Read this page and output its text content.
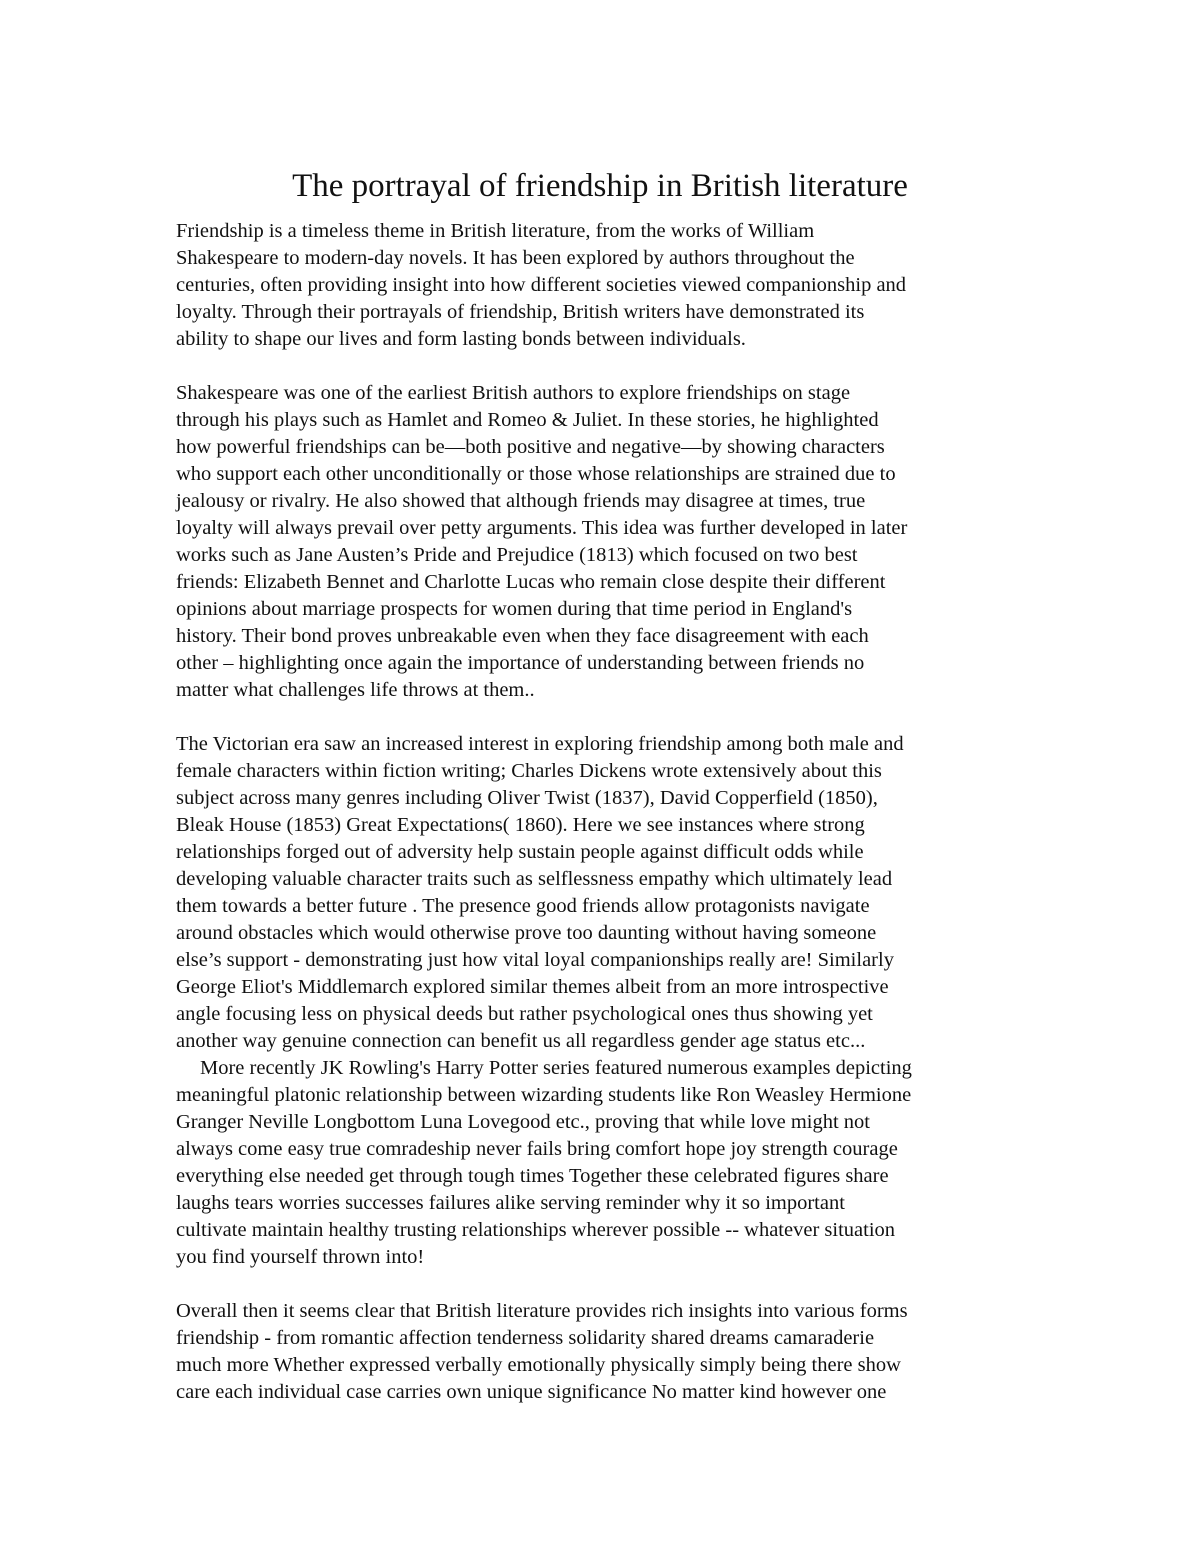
The portrayal of friendship in British literature
Friendship is a timeless theme in British literature, from the works of William
Shakespeare to modern-day novels. It has been explored by authors throughout the
centuries, often providing insight into how different societies viewed companionship and
loyalty. Through their portrayals of friendship, British writers have demonstrated its
ability to shape our lives and form lasting bonds between individuals.
Shakespeare was one of the earliest British authors to explore friendships on stage
through his plays such as Hamlet and Romeo & Juliet. In these stories, he highlighted
how powerful friendships can be—both positive and negative—by showing characters
who support each other unconditionally or those whose relationships are strained due to
jealousy or rivalry. He also showed that although friends may disagree at times, true
loyalty will always prevail over petty arguments. This idea was further developed in later
works such as Jane Austen’s Pride and Prejudice (1813) which focused on two best
friends: Elizabeth Bennet and Charlotte Lucas who remain close despite their different
opinions about marriage prospects for women during that time period in England's
history. Their bond proves unbreakable even when they face disagreement with each
other – highlighting once again the importance of understanding between friends no
matter what challenges life throws at them..
The Victorian era saw an increased interest in exploring friendship among both male and
female characters within fiction writing; Charles Dickens wrote extensively about this
subject across many genres including Oliver Twist (1837), David Copperfield (1850),
Bleak House (1853) Great Expectations( 1860). Here we see instances where strong
relationships forged out of adversity help sustain people against difficult odds while
developing valuable character traits such as selflessness empathy which ultimately lead
them towards a better future . The presence good friends allow protagonists navigate
around obstacles which would otherwise prove too daunting without having someone
else’s support - demonstrating just how vital loyal companionships really are! Similarly
George Eliot's Middlemarch explored similar themes albeit from an more introspective
angle focusing less on physical deeds but rather psychological ones thus showing yet
another way genuine connection can benefit us all regardless gender age status etc...
More recently JK Rowling's Harry Potter series featured numerous examples depicting
meaningful platonic relationship between wizarding students like Ron Weasley Hermione
Granger Neville Longbottom Luna Lovegood etc., proving that while love might not
always come easy true comradeship never fails bring comfort hope joy strength courage
everything else needed get through tough times Together these celebrated figures share
laughs tears worries successes failures alike serving reminder why it so important
cultivate maintain healthy trusting relationships wherever possible -- whatever situation
you find yourself thrown into!
Overall then it seems clear that British literature provides rich insights into various forms
friendship - from romantic affection tenderness solidarity shared dreams camaraderie
much more Whether expressed verbally emotionally physically simply being there show
care each individual case carries own unique significance No matter kind however one
